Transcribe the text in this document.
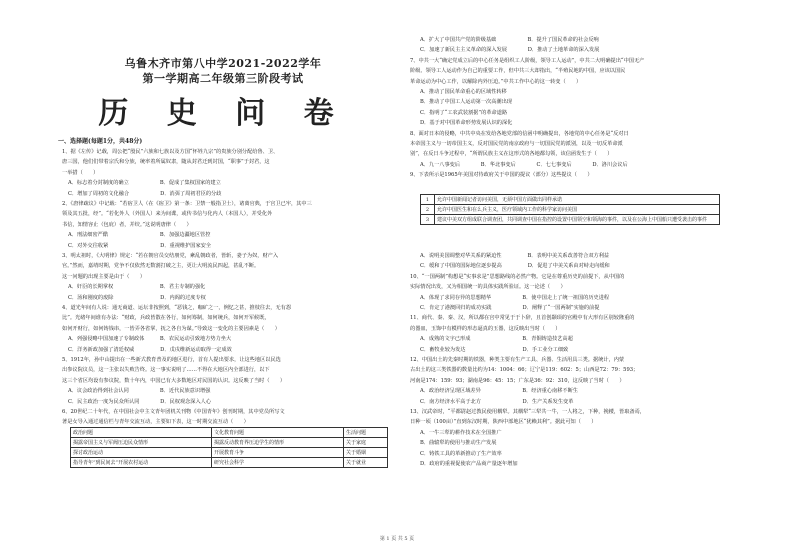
乌鲁木齐市第八中学2021-2022学年
第一学期高二年级第三阶段考试
历 史 问 卷
一、选择题(每题1分，共48分)
1、据《左传》记载，周公把“殷民”六族和七族以及方国“怀姓九宗”的贵族分别分配给鲁、卫、
唐三国，他们们带着宗氏和分族，统率着所属奴隶，随从封君迁到封国，“职事”于封君，这
一举措（　　）
A．标志着分封制度的确立　　　　　　B．促成了集权国家的建立
C．增加了周初的文化融合　　　　　　D．消弭了周初君臣的分歧
2、《唐律疏议》中记载：“若宿卫人（在《宿卫》第一条：卫禁一般指卫士），诸离官典，于宫卫已牢，其中三
领及其五批，经”。“若化外人（外国人）来为间谍，或传书信与化内人（本国人），并受化外
书信，知情容止（包庇）者，并绞。”这说明唐律（　　）
A．刑法细密严酷　　　　　　　　　　B．加强边疆地区管控
C．对外交往收紧　　　　　　　　　　D．重视维护国家安全
3、明太祖时，《大明律》规定：“若在朝官员交结朋党，紊乱朝政者，皆斩，妻子为奴，财产入
官。”然而，嘉靖时期，党争不仅依然无数割打破之主，更让大明流民四起，甚乱不断。
这一问题的出现主要是由于（　　）
A．奸臣的长期掌权　　　　　　　　　B．君主专制的强化
C．汤和刚度的废除　　　　　　　　　D．内阁的过度专权
4、道光年间有人说：通无商道、运坛非按照到，“恶钱之，咖矿之一，例忆之甚，推枝往去，无有怨
比”。光绪年间谁有办法：“财政，兵政皆散在各行，如何筹制，如何统兵，如何开军候既，
如何开财行，如何铸钱串，一皆弄各省掌，抚之各自为谋。”导致这一变化的主要因素是（　　）
A．列强侵略中国加速了专制政体　　　B．农民运动引致地方势力坐大
C．洋务新政加强了清廷权威　　　　　D．戊戌维新运动取得一定成效
5、1912年，孙中山提出在一些新式教育普及的地区进行，首有人提出要求，让这些地区以民选
出参议院议员，这一主张以失败告终。这一事实说明了……不得在大地区内全部进行，以下
这三个省区均设有参议院，数十年内，中国已有大多数地区对民国的认识。这反映了当时（　　）
A．议会政治得到社会认同　　　　　　B．近代民族意识增强
C．民主政治一度为民众所认同　　　　D．民权观念深入人心
6、20世纪二十年代，在中国社会中主文青年团机关刊物《中国青年》创刊时期，其中党员所写文
著是女导入通过通信栏与青年交流互动，主要如下表，这一时期交流互动（　　）
政治问题	文化教育问题	生活问题
揭露帝国主义与军阀压迫民众情形	揭露反动教育界压迫学生的情形	关于家庭
探讨政治运动	开展教育斗争	关于婚姻
指导青年“到民间去”开展农村运动	研究社会科学	关于就业
A．扩大了中国共产党的阶级基础　　　　　　B．提升了国民革命的社会反响
C．加速了新民主主义革命的深入发展　　　　D．推动了土地革命的深入发展
7、中共一大“确定党成立后的中心任务是组织工人阶级，领导工人运动”，中共二大明确提出“中国无产
阶级、领导工人运动作为自己的重要工作，但中共三大却指出，“半殖民地的中国，应该以国民
革命运动为中心工作，以解除内外压迫。”中共工作中心的这一转变（　　）
A．推动了国民革命重心的区域性转移
B．推动了中国工人运动第一次高潮出现
C．指明了“工农武装割据”的革命道路
D．基于对中国革命形势发展认识的深化
8、面对日本的侵略，中共中央在发给各地党部的信函中明确提出，各地党的中心任务是“反对日
本帝国主义与一切帝国主义，反对国民党的南京政府与一切国民党的派别，以及一切反革命派
别”，在反日斗争过程中，“所谓民族主义在这形式的各地都勾领，该信函发生于（　　）
A．九一八事变后　　　　B．华北事变后　　　　C．七七事变后　　　　D．洛川会议后
9、下表所示是1965年美国对待政府关于中国的提议（部分）这些提议（　　）
A．说明美国调整对华关系的紧迫性　　　　　B．表明中美关系改善符合双方利益
C．缓和了中国的国际地位逐步提高　　　　　D．促进了中美关系由对峙走向缓和
10、“一国两制”构想是“实事求是”思想路线的必然产物。它是在尊重历史的前提下，从中国的
实际情况出发，又为相国统一的具体实践所验证。这一论述（　　）
A．体现了求同存异的思想精华　　　　　　B．使中国走上了统一祖国的历史进程
C．肯定了港澳回归的成功实践　　　　　　D．阐释了“一国两制”实施的前提
11、商代、秦、秦、汉，所以都在宫中常见于于卜辞，且首创颛顼的官殿中有大形有区别较隆重的
的器皿，玉饰中有模样的形态逼真的玉器，这反映出当时（　　）
A．成熟的文字已形成　　　　　　　　　　B．青铜铸造技艺高超
C．畜牧业较为发达　　　　　　　　　　　D．手工业分工细致
12、中国出土的先秦时期的铁器，种类主要有生产工具、兵器、生活用具三类。据统计，内蒙
古出土的这三类铁器的数量比约为14：1004：66；辽宁是119：602：5；山西是72：79：593；
河南是174：159：93；湖南是96：45：15；广东是36：92：310，这反映了当时（　　）
A．政治经济呈现区域差异　　　　　　　　B．经济重心南移不断生
C．南方经济水平高于北方　　　　　　　　D．生产关系发生变革
13、汉武帝时，“平都尉赵过教民使用耦犁。其耦犁“三犁共一牛，一人将之，下种，挽耧，皆取备焉，
日种一顷（100亩）”直到东汉时期，陕西中部地区“犹赖其利”。据此可知（　　）
A．一牛三犁的耕作技术在全国推广
B．曲辕犁的使用与推动生产发展
C．铸铁工具的革新推动了生产效率
D．政府的重视促使农产品商产量逐年增加
1	允许中国新闻记者访问美国，无须中国方面做出同样承诺
2	允许中国医生和在么兵主义，医疗领域内工作的科学家访问美国
3	建议中美双方组成联合调查团，共同调查中国在指控的设置中国领空和领海的事件，以及在公海上中国船只遭受袭击的事件
第 1 页 共 5 页
